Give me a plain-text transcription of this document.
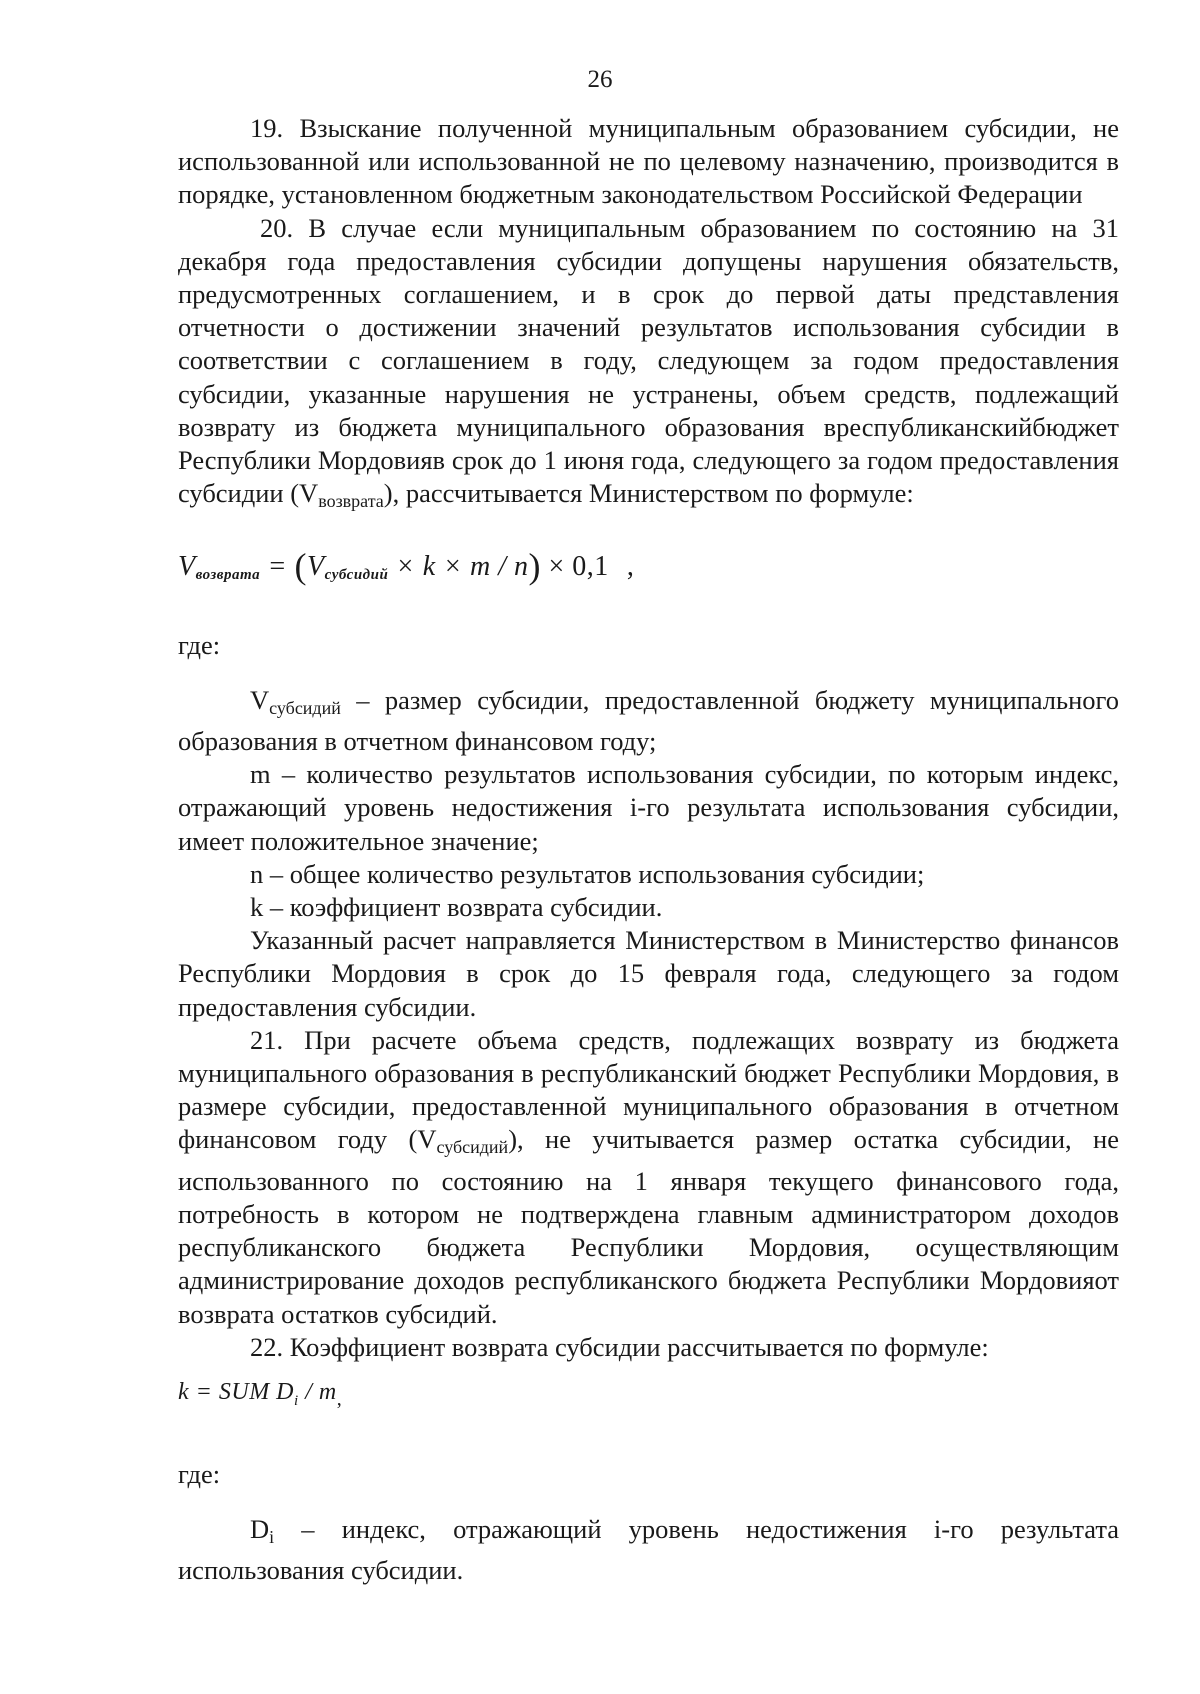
26

19. Взыскание полученной муниципальным образованием субсидии, не использованной или использованной не по целевому назначению, производится в порядке, установленном бюджетным законодательством Российской Федерации

20. В случае если муниципальным образованием по состоянию на 31 декабря года предоставления субсидии допущены нарушения обязательств, предусмотренных соглашением, и в срок до первой даты представления отчетности о достижении значений результатов использования субсидии в соответствии с соглашением в году, следующем за годом предоставления субсидии, указанные нарушения не устранены, объем средств, подлежащий возврату из бюджета муниципального образования вреспубликанскийбюджет Республики Мордовияв срок до 1 июня года, следующего за годом предоставления субсидии $(V_{возврата})$, рассчитывается Министерством по формуле:

$V_{возврата} = (V_{субсидий} \times k \times m / n) \times 0,1$ ,

где:

$V_{субсидий}$ – размер субсидии, предоставленной бюджету муниципального образования в отчетном финансовом году;

m – количество результатов использования субсидии, по которым индекс, отражающий уровень недостижения i-го результата использования субсидии, имеет положительное значение;

n – общее количество результатов использования субсидии;

k – коэффициент возврата субсидии.

Указанный расчет направляется Министерством в Министерство финансов Республики Мордовия в срок до 15 февраля года, следующего за годом предоставления субсидии.

21. При расчете объема средств, подлежащих возврату из бюджета муниципального образования в республиканский бюджет Республики Мордовия, в размере субсидии, предоставленной муниципального образования в отчетном финансовом году $(V_{субсидий})$, не учитывается размер остатка субсидии, не использованного по состоянию на 1 января текущего финансового года, потребность в котором не подтверждена главным администратором доходов республиканского бюджета Республики Мордовия, осуществляющим администрирование доходов республиканского бюджета Республики Мордовияот возврата остатков субсидий.

22. Коэффициент возврата субсидии рассчитывается по формуле:

k = SUM $D_i / m_,$

где:

$D_i$ – индекс, отражающий уровень недостижения i-го результата использования субсидии.
